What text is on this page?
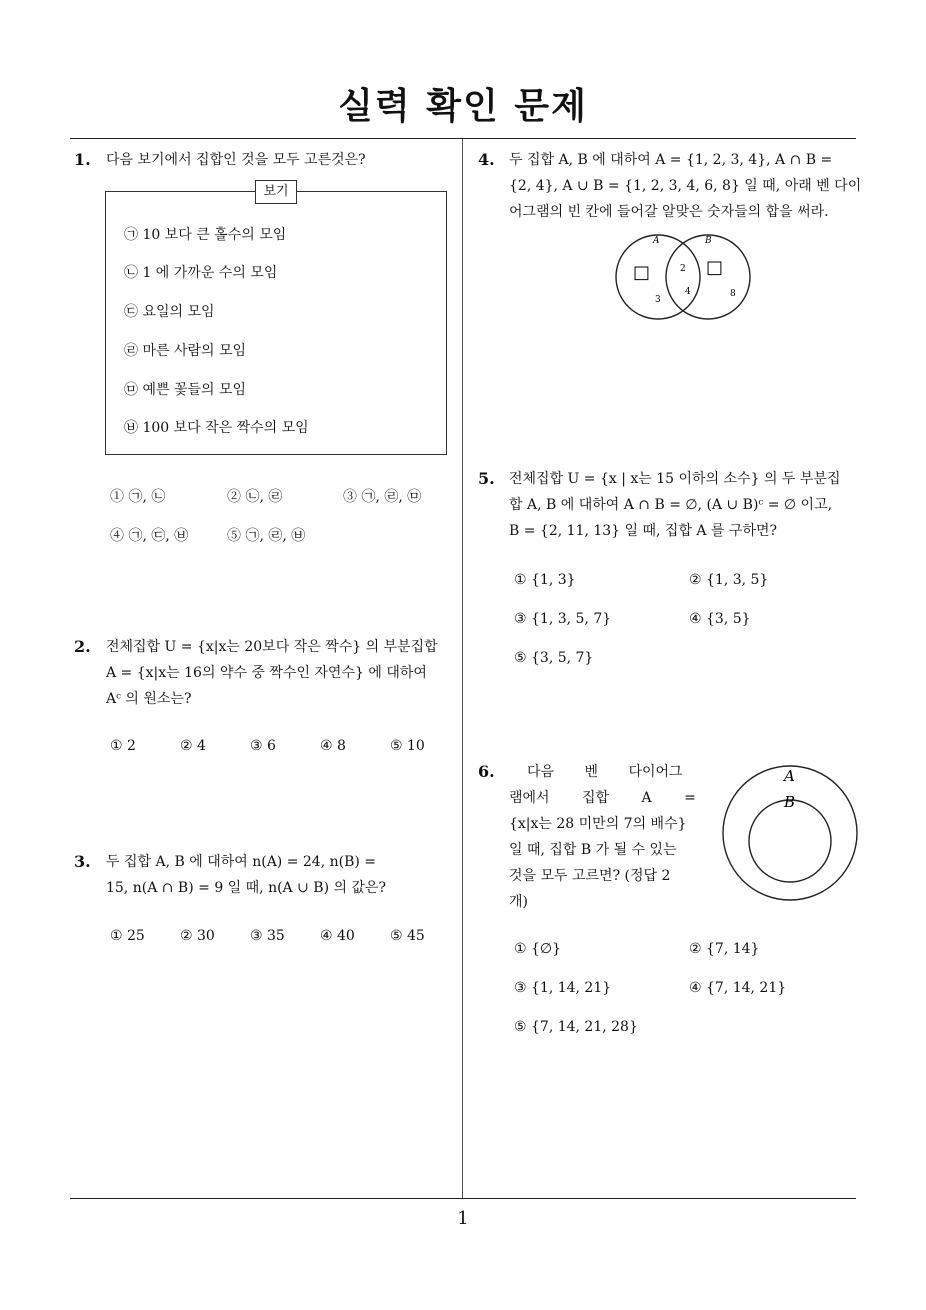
실력 확인 문제
1
1. 다음 보기에서 집합인 것을 모두 고른것은?
보기
㉠ 10 보다 큰 홀수의 모임
㉡ 1 에 가까운 수의 모임
㉢ 요일의 모임
㉣ 마른 사람의 모임
㉤ 예쁜 꽃들의 모임
㉥ 100 보다 작은 짝수의 모임
① ㉠, ㉡	② ㉡, ㉣	③ ㉠, ㉣, ㉤
④ ㉠, ㉢, ㉥	⑤ ㉠, ㉣, ㉥
2. 전체집합 U = {x|x는 20보다 작은 짝수} 의 부분집합
A = {x|x는 16의 약수 중 짝수인 자연수} 에 대하여
Aᶜ 의 원소는?
① 2	② 4	③ 6	④ 8	⑤ 10
3. 두 집합 A, B 에 대하여 n(A) = 24, n(B) =
15, n(A ∩ B) = 9 일 때, n(A ∪ B) 의 값은?
① 25	② 30	③ 35	④ 40	⑤ 45
4. 두 집합 A, B 에 대하여 A = {1, 2, 3, 4}, A ∩ B =
{2, 4}, A ∪ B = {1, 2, 3, 4, 6, 8} 일 때, 아래 벤 다이
어그램의 빈 칸에 들어갈 알맞은 숫자들의 합을 써라.
A	B
□	□
2
4
3
8
5. 전체집합 U = {x | x는 15 이하의 소수} 의 두 부분집
합 A, B 에 대하여 A ∩ B = ∅, (A ∪ B)ᶜ = ∅ 이고,
B = {2, 11, 13} 일 때, 집합 A 를 구하면?
① {1, 3}	② {1, 3, 5}
③ {1, 3, 5, 7}	④ {3, 5}
⑤ {3, 5, 7}
6. 다음 벤 다이어그
램에서 집합 A =
{x|x는 28 미만의 7의 배수}
일 때, 집합 B 가 될 수 있는
것을 모두 고르면? (정답 2
개)
A
B
① {∅}	② {7, 14}
③ {1, 14, 21}	④ {7, 14, 21}
⑤ {7, 14, 21, 28}
